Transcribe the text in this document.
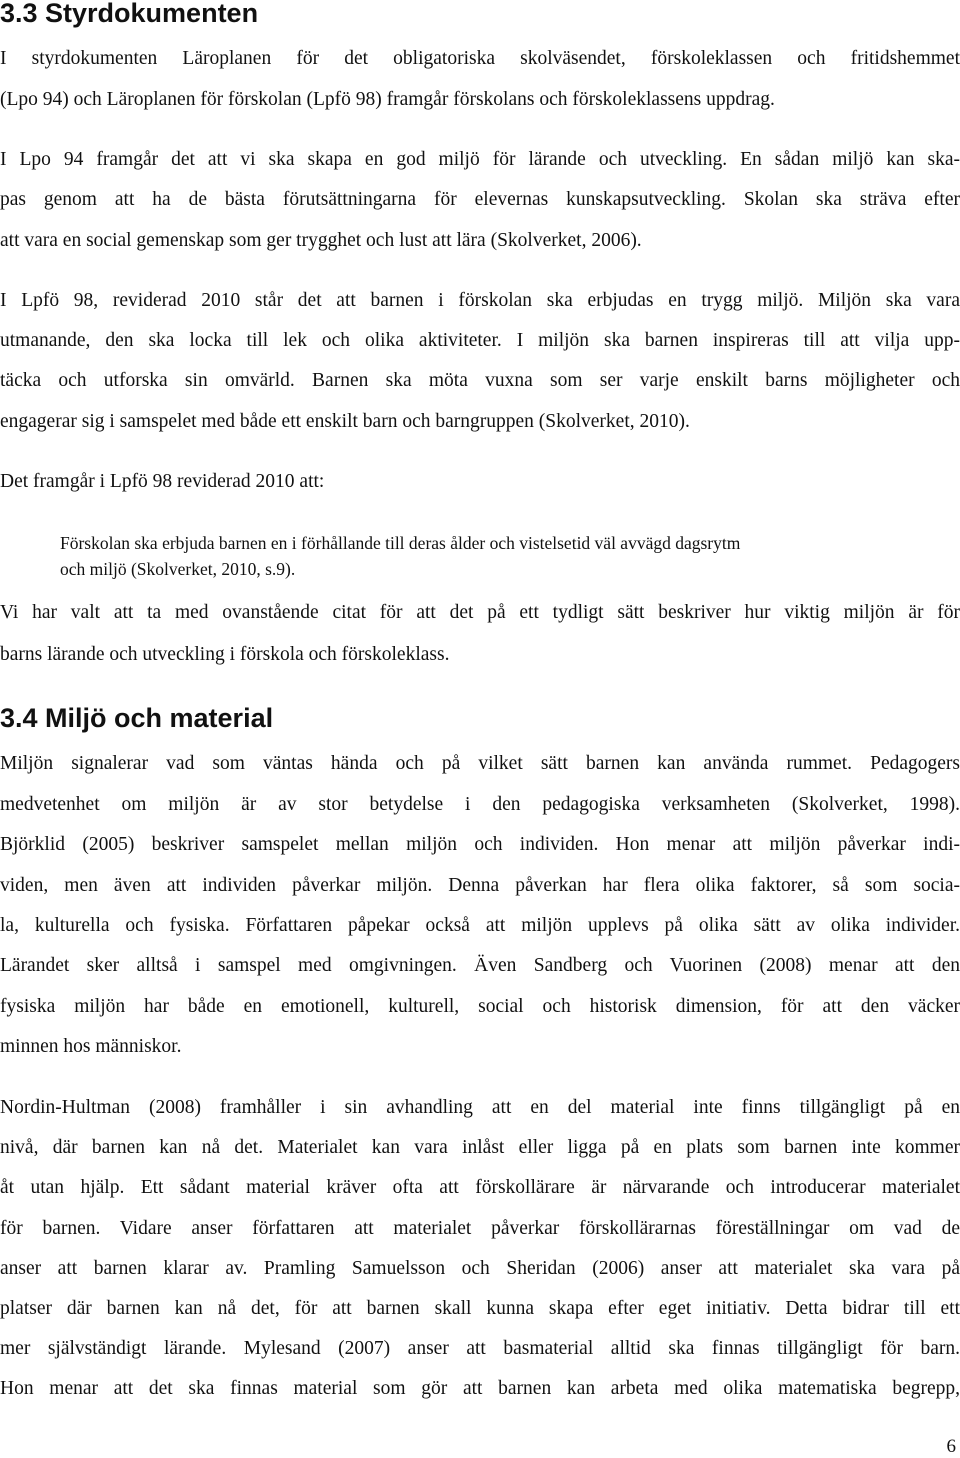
3.3 Styrdokumenten

I styrdokumenten Läroplanen för det obligatoriska skolväsendet, förskoleklassen och fritidshemmet

(Lpo 94) och Läroplanen för förskolan (Lpfö 98) framgår förskolans och förskoleklassens uppdrag.

I Lpo 94 framgår det att vi ska skapa en god miljö för lärande och utveckling. En sådan miljö kan ska-

pas genom att ha de bästa förutsättningarna för elevernas kunskapsutveckling. Skolan ska sträva efter

att vara en social gemenskap som ger trygghet och lust att lära (Skolverket, 2006).

I Lpfö 98, reviderad 2010 står det att barnen i förskolan ska erbjudas en trygg miljö. Miljön ska vara

utmanande, den ska locka till lek och olika aktiviteter. I miljön ska barnen inspireras till att vilja upp-

täcka och utforska sin omvärld. Barnen ska möta vuxna som ser varje enskilt barns möjligheter och

engagerar sig i samspelet med både ett enskilt barn och barngruppen (Skolverket, 2010).

Det framgår i Lpfö 98 reviderad 2010 att:

Förskolan ska erbjuda barnen en i förhållande till deras ålder och vistelsetid väl avvägd dagsrytm

och miljö (Skolverket, 2010, s.9).

Vi har valt att ta med ovanstående citat för att det på ett tydligt sätt beskriver hur viktig miljön är för

barns lärande och utveckling i förskola och förskoleklass.

3.4 Miljö och material

Miljön signalerar vad som väntas hända och på vilket sätt barnen kan använda rummet. Pedagogers

medvetenhet om miljön är av stor betydelse i den pedagogiska verksamheten (Skolverket, 1998).

Björklid (2005) beskriver samspelet mellan miljön och individen. Hon menar att miljön påverkar indi-

viden, men även att individen påverkar miljön. Denna påverkan har flera olika faktorer, så som socia-

la, kulturella och fysiska. Författaren påpekar också att miljön upplevs på olika sätt av olika individer.

Lärandet sker alltså i samspel med omgivningen. Även Sandberg och Vuorinen (2008) menar att den

fysiska miljön har både en emotionell, kulturell, social och historisk dimension, för att den väcker

minnen hos människor.

Nordin-Hultman (2008) framhåller i sin avhandling att en del material inte finns tillgängligt på en

nivå, där barnen kan nå det. Materialet kan vara inlåst eller ligga på en plats som barnen inte kommer

åt utan hjälp. Ett sådant material kräver ofta att förskollärare är närvarande och introducerar materialet

för barnen. Vidare anser författaren att materialet påverkar förskollärarnas föreställningar om vad de

anser att barnen klarar av. Pramling Samuelsson och Sheridan (2006) anser att materialet ska vara på

platser där barnen kan nå det, för att barnen skall kunna skapa efter eget initiativ. Detta bidrar till ett

mer självständigt lärande. Mylesand (2007) anser att basmaterial alltid ska finnas tillgängligt för barn.

Hon menar att det ska finnas material som gör att barnen kan arbeta med olika matematiska begrepp,

6
